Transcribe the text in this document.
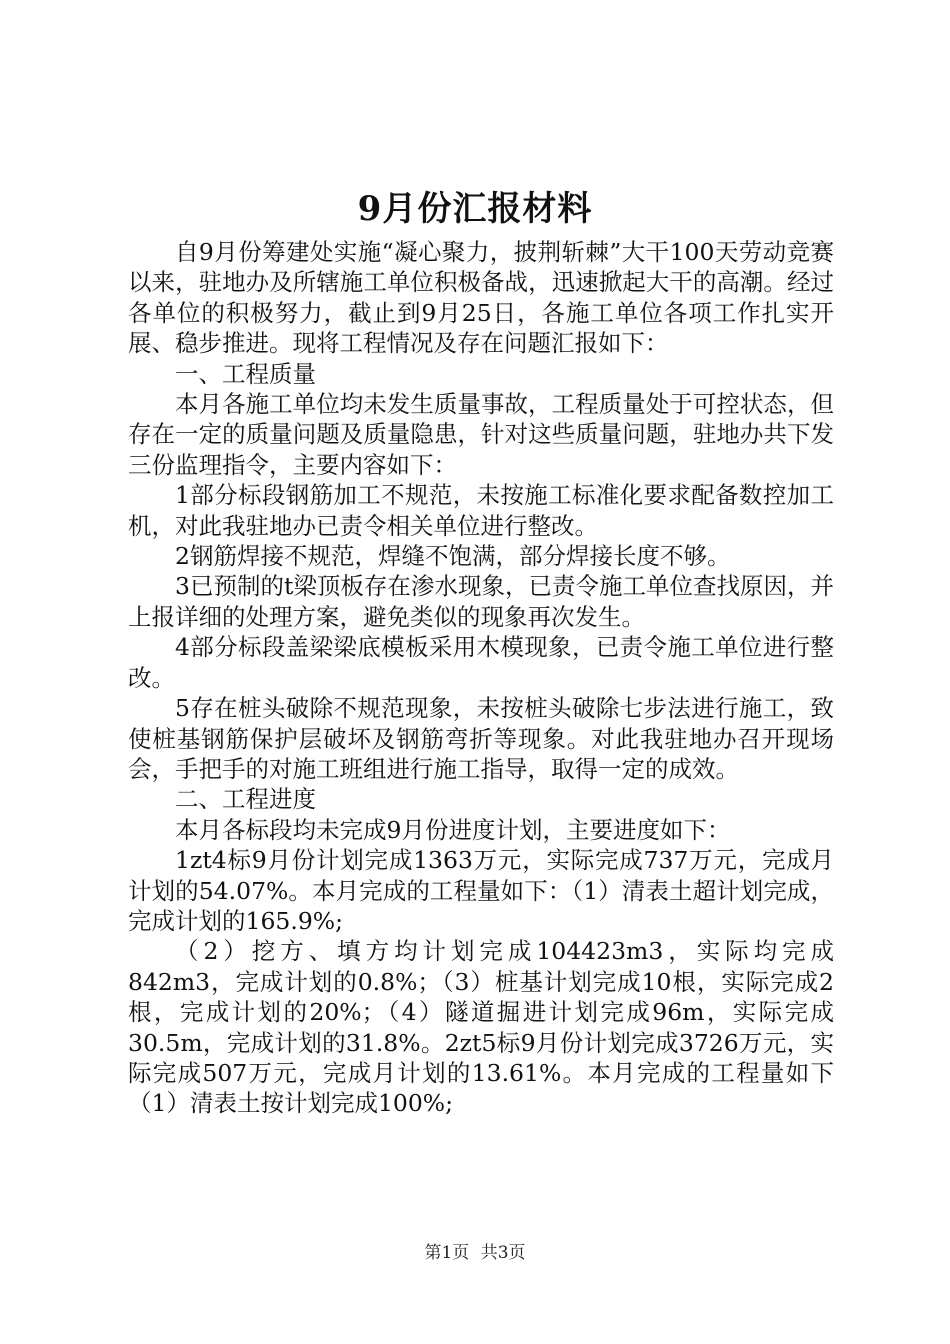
9月份汇报材料

自9月份筹建处实施“凝心聚力，披荆斩棘”大干100天劳动竞赛以来，驻地办及所辖施工单位积极备战，迅速掀起大干的高潮。经过各单位的积极努力，截止到9月25日，各施工单位各项工作扎实开展、稳步推进。现将工程情况及存在问题汇报如下：

一、工程质量

本月各施工单位均未发生质量事故，工程质量处于可控状态，但存在一定的质量问题及质量隐患，针对这些质量问题，驻地办共下发三份监理指令，主要内容如下：

1部分标段钢筋加工不规范，未按施工标准化要求配备数控加工机，对此我驻地办已责令相关单位进行整改。

2钢筋焊接不规范，焊缝不饱满，部分焊接长度不够。

3已预制的t梁顶板存在渗水现象，已责令施工单位查找原因，并上报详细的处理方案，避免类似的现象再次发生。

4部分标段盖梁梁底模板采用木模现象，已责令施工单位进行整改。

5存在桩头破除不规范现象，未按桩头破除七步法进行施工，致使桩基钢筋保护层破坏及钢筋弯折等现象。对此我驻地办召开现场会，手把手的对施工班组进行施工指导，取得一定的成效。

二、工程进度

本月各标段均未完成9月份进度计划，主要进度如下：

1zt4标9月份计划完成1363万元，实际完成737万元，完成月计划的54.07%。本月完成的工程量如下：（1）清表土超计划完成，完成计划的165.9%;

（2）挖方、填方均计划完成104423m3，实际均完成842m3，完成计划的0.8%；（3）桩基计划完成10根，实际完成2根，完成计划的20%；（4）隧道掘进计划完成96m，实际完成30.5m，完成计划的31.8%。2zt5标9月份计划完成3726万元，实际完成507万元，完成月计划的13.61%。本月完成的工程量如下（1）清表土按计划完成100%;

第1页 共3页
